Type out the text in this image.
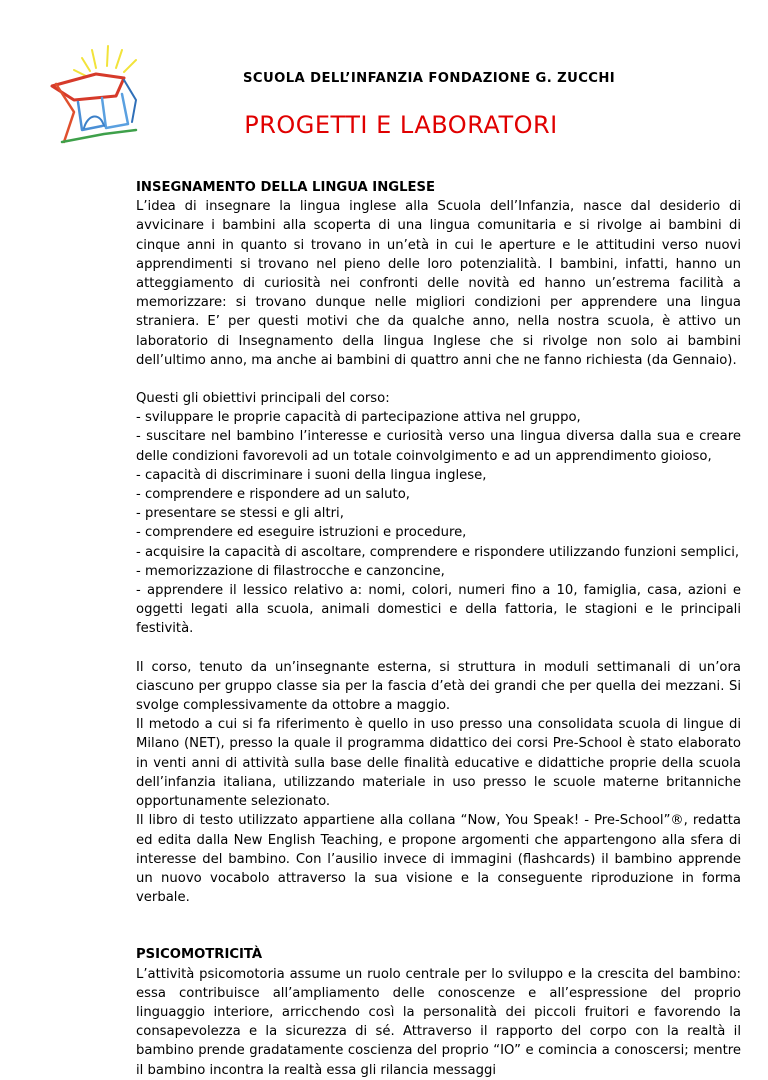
SCUOLA DELL’INFANZIA FONDAZIONE G. ZUCCHI
PROGETTI E LABORATORI

INSEGNAMENTO DELLA LINGUA INGLESE

L’idea di insegnare la lingua inglese alla Scuola dell’Infanzia, nasce dal desiderio di avvicinare i bambini alla scoperta di una lingua comunitaria e si rivolge ai bambini di cinque anni in quanto si trovano in un’età in cui le aperture e le attitudini verso nuovi apprendimenti si trovano nel pieno delle loro potenzialità. I bambini, infatti, hanno un atteggiamento di curiosità nei confronti delle novità ed hanno un’estrema facilità a memorizzare: si trovano dunque nelle migliori condizioni per apprendere una lingua straniera. E’ per questi motivi che da qualche anno, nella nostra scuola, è attivo un laboratorio di Insegnamento della lingua Inglese che si rivolge non solo ai bambini dell’ultimo anno, ma anche ai bambini di quattro anni che ne fanno richiesta (da Gennaio).

Questi gli obiettivi principali del corso:

- sviluppare le proprie capacità di partecipazione attiva nel gruppo,

- suscitare nel bambino l’interesse e curiosità verso una lingua diversa dalla sua e creare delle condizioni favorevoli ad un totale coinvolgimento e ad un apprendimento gioioso,

- capacità di discriminare i suoni della lingua inglese,

- comprendere e rispondere ad un saluto,

- presentare se stessi e gli altri,

- comprendere ed eseguire istruzioni e procedure,

- acquisire la capacità di ascoltare, comprendere e rispondere utilizzando funzioni semplici,

- memorizzazione di filastrocche e canzoncine,

- apprendere il lessico relativo a: nomi, colori, numeri fino a 10, famiglia, casa, azioni e oggetti legati alla scuola, animali domestici e della fattoria, le stagioni e le principali festività.

Il corso, tenuto da un’insegnante esterna, si struttura in moduli settimanali di un’ora ciascuno per gruppo classe sia per la fascia d’età dei grandi che per quella dei mezzani. Si svolge complessivamente da ottobre a maggio.

Il metodo a cui si fa riferimento è quello in uso presso una consolidata scuola di lingue di Milano (NET), presso la quale il programma didattico dei corsi Pre-School è stato elaborato in venti anni di attività sulla base delle finalità educative e didattiche proprie della scuola dell’infanzia italiana, utilizzando materiale in uso presso le scuole materne britanniche opportunamente selezionato.

Il libro di testo utilizzato appartiene alla collana “Now, You Speak! - Pre-School”®, redatta ed edita dalla New English Teaching, e propone argomenti che appartengono alla sfera di interesse del bambino. Con l’ausilio invece di immagini (flashcards) il bambino apprende un nuovo vocabolo attraverso la sua visione e la conseguente riproduzione in forma verbale.

PSICOMOTRICITÀ

L’attività psicomotoria assume un ruolo centrale per lo sviluppo e la crescita del bambino: essa contribuisce all’ampliamento delle conoscenze e all’espressione del proprio linguaggio interiore, arricchendo così la personalità dei piccoli fruitori e favorendo la consapevolezza e la sicurezza di sé. Attraverso il rapporto del corpo con la realtà il bambino prende gradatamente coscienza del proprio “IO” e comincia a conoscersi; mentre il bambino incontra la realtà essa gli rilancia messaggi
